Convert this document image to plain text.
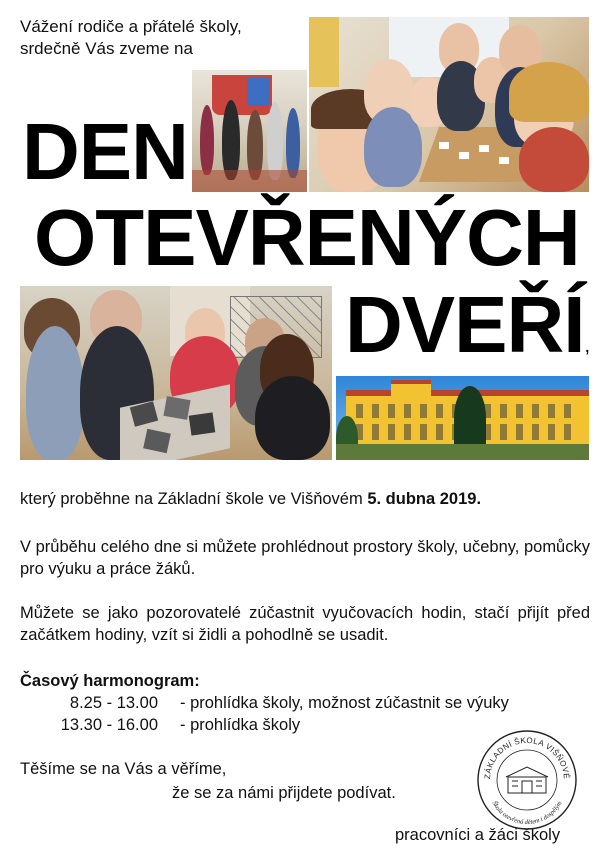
Vážení rodiče a přátelé školy,
srdečně Vás zveme na
DEN
OTEVŘENÝCH
DVEŘÍ,
který proběhne na Základní škole ve Višňovém 5. dubna 2019.
V průběhu celého dne si můžete prohlédnout prostory školy, učebny, pomůcky pro výuku a práce žáků.
Můžete se jako pozorovatelé zúčastnit vyučovacích hodin, stačí přijít před začátkem hodiny, vzít si židli a pohodlně se usadit.
Časový harmonogram:
8.25 - 13.00	- prohlídka školy, možnost zúčastnit se výuky
13.30 - 16.00	- prohlídka školy
Těšíme se na Vás a věříme,
že se za námi přijdete podívat.
pracovníci a žáci školy
ZÁKLADNÍ ŠKOLA VIŠŇOVÉ
Škola otevřená dětem i dospělým
